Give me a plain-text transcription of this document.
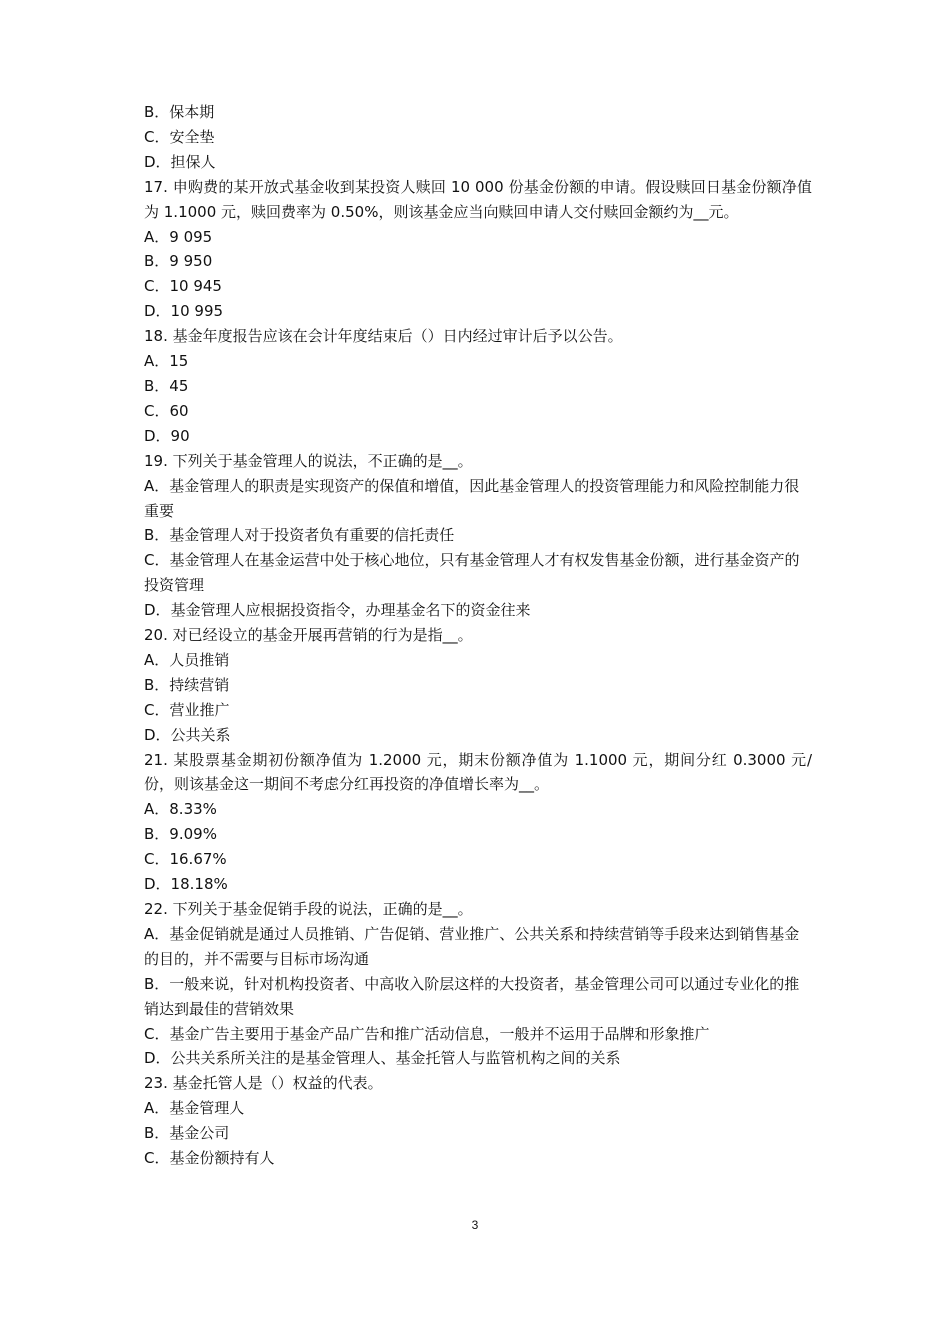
B．保本期

C．安全垫

D．担保人

17. 申购费的某开放式基金收到某投资人赎回 10 000 份基金份额的申请。假设赎回日基金份额净值为 1.1000 元，赎回费率为 0.50%，则该基金应当向赎回申请人交付赎回金额约为__元。

A．9 095

B．9 950

C．10 945

D．10 995

18. 基金年度报告应该在会计年度结束后（）日内经过审计后予以公告。

A．15

B．45

C．60

D．90

19. 下列关于基金管理人的说法，不正确的是__。

A．基金管理人的职责是实现资产的保值和增值，因此基金管理人的投资管理能力和风险控制能力很重要

B．基金管理人对于投资者负有重要的信托责任

C．基金管理人在基金运营中处于核心地位，只有基金管理人才有权发售基金份额，进行基金资产的投资管理

D．基金管理人应根据投资指令，办理基金名下的资金往来

20. 对已经设立的基金开展再营销的行为是指__。

A．人员推销

B．持续营销

C．营业推广

D．公共关系

21. 某股票基金期初份额净值为 1.2000 元，期末份额净值为 1.1000 元，期间分红 0.3000 元/份，则该基金这一期间不考虑分红再投资的净值增长率为__。

A．8.33%

B．9.09%

C．16.67%

D．18.18%

22. 下列关于基金促销手段的说法，正确的是__。

A．基金促销就是通过人员推销、广告促销、营业推广、公共关系和持续营销等手段来达到销售基金的目的，并不需要与目标市场沟通

B．一般来说，针对机构投资者、中高收入阶层这样的大投资者，基金管理公司可以通过专业化的推销达到最佳的营销效果

C．基金广告主要用于基金产品广告和推广活动信息，一般并不运用于品牌和形象推广

D．公共关系所关注的是基金管理人、基金托管人与监管机构之间的关系

23. 基金托管人是（）权益的代表。

A．基金管理人

B．基金公司

C．基金份额持有人

3
